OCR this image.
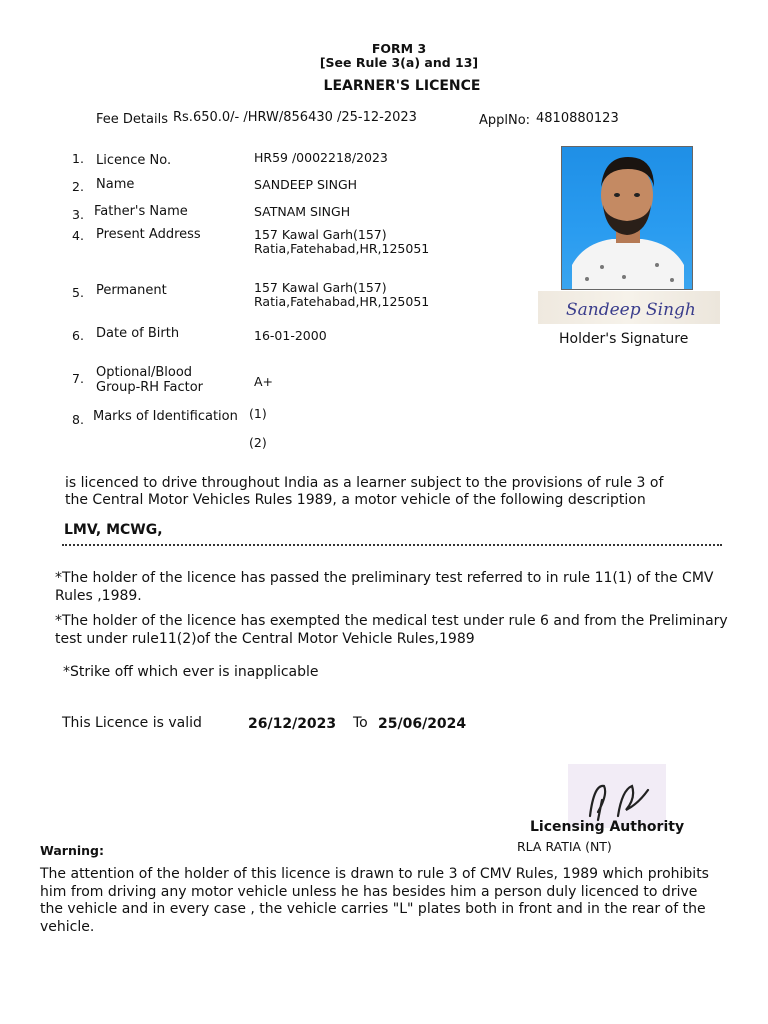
FORM 3
[See Rule 3(a) and 13]
LEARNER'S LICENCE
Fee Details Rs.650.0/- /HRW/856430 /25-12-2023	ApplNo: 4810880123
1. Licence No.	HR59 /0002218/2023
2. Name	SANDEEP SINGH
3. Father's Name	SATNAM SINGH
4. Present Address	157 Kawal Garh(157)
Ratia,Fatehabad,HR,125051
5. Permanent	157 Kawal Garh(157)
Ratia,Fatehabad,HR,125051
6. Date of Birth	16-01-2000
7. Optional/Blood
Group-RH Factor	A+
8. Marks of Identification (1)
(2)
Sandeep Singh
Holder's Signature
is licenced to drive throughout India as a learner subject to the provisions of rule 3 of
the Central Motor Vehicles Rules 1989, a motor vehicle of the following description
LMV, MCWG,
*The holder of the licence has passed the preliminary test referred to in rule 11(1) of the CMV Rules ,1989.
*The holder of the licence has exempted the medical test under rule 6 and from the Preliminary test under rule11(2)of the Central Motor Vehicle Rules,1989
*Strike off which ever is inapplicable
This Licence is valid	26/12/2023 To 25/06/2024
Licensing Authority
RLA RATIA (NT)
Warning:
The attention of the holder of this licence is drawn to rule 3 of CMV Rules, 1989 which prohibits him from driving any motor vehicle unless he has besides him a person duly licenced to drive the vehicle and in every case , the vehicle carries "L" plates both in front and in the rear of the vehicle.
